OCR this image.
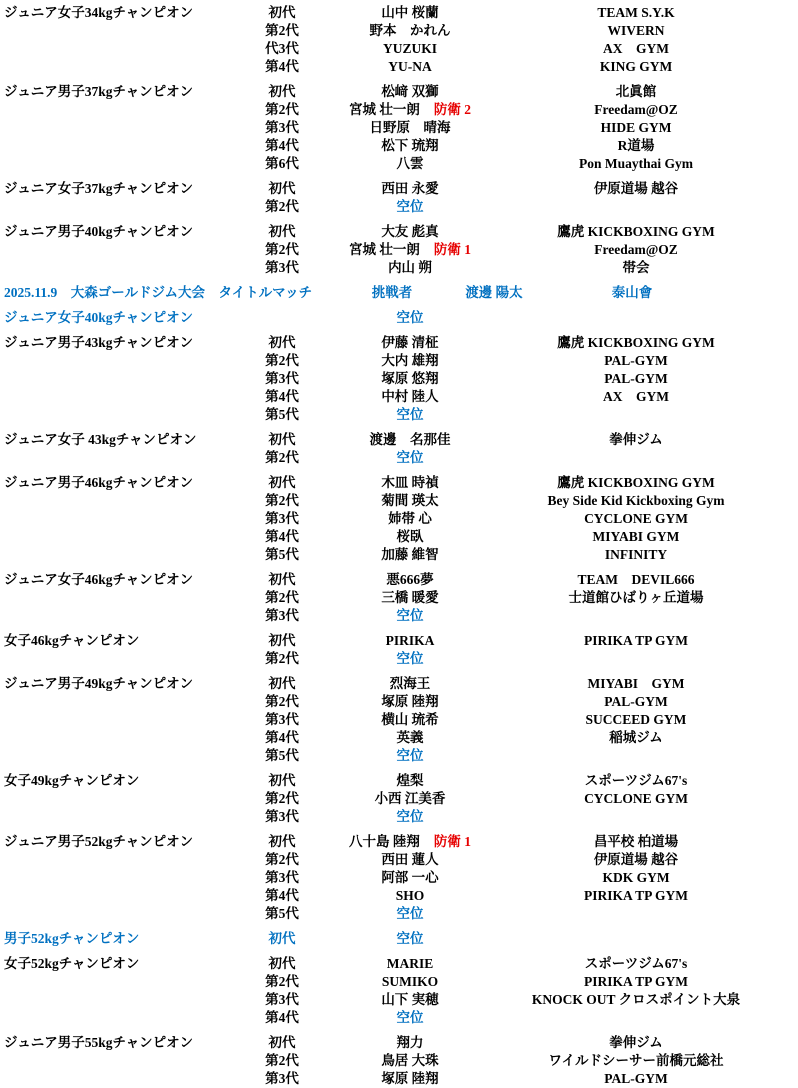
ジュニア女子34kgチャンピオン	初代	山中 桜蘭	TEAM S.Y.K
第2代	野本　かれん	WIVERN
代3代	YUZUKI	AX　GYM
第4代	YU-NA	KING GYM
ジュニア男子37kgチャンピオン	初代	松﨑 双獅	北眞館
第2代	宮城 壮一朗 防衛 2	Freedam@OZ
第3代	日野原　晴海	HIDE GYM
第4代	松下 琉翔	R道場
第6代	八雲	Pon Muaythai Gym
ジュニア女子37kgチャンピオン	初代	西田 永愛	伊原道場 越谷
第2代	空位
ジュニア男子40kgチャンピオン	初代	大友 彪真	鷹虎 KICKBOXING GYM
第2代	宮城 壮一朗 防衛 1	Freedam@OZ
第3代	内山 朔	帯会
2025.11.9　大森ゴールドジム大会　タイトルマッチ	挑戦者	渡邊 陽太	泰山會
ジュニア女子40kgチャンピオン	空位
ジュニア男子43kgチャンピオン	初代	伊藤 清柾	鷹虎 KICKBOXING GYM
第2代	大内 雄翔	PAL-GYM
第3代	塚原 悠翔	PAL-GYM
第4代	中村 陸人	AX　GYM
第5代	空位
ジュニア女子 43kgチャンピオン	初代	渡邊　名那佳	拳伸ジム
第2代	空位
ジュニア男子46kgチャンピオン	初代	木皿 時禎	鷹虎 KICKBOXING GYM
第2代	菊間 瑛太	Bey Side Kid Kickboxing Gym
第3代	姉帯 心	CYCLONE GYM
第4代	桜臥	MIYABI GYM
第5代	加藤 維智	INFINITY
ジュニア女子46kgチャンピオン	初代	悪666夢	TEAM　DEVIL666
第2代	三橋 暖愛	士道館ひばりヶ丘道場
第3代	空位
女子46kgチャンピオン	初代	PIRIKA	PIRIKA TP GYM
第2代	空位
ジュニア男子49kgチャンピオン	初代	烈海王	MIYABI　GYM
第2代	塚原 陸翔	PAL-GYM
第3代	横山 琉希	SUCCEED GYM
第4代	英義	稲城ジム
第5代	空位
女子49kgチャンピオン	初代	煌梨	スポーツジム67's
第2代	小西 江美香	CYCLONE GYM
第3代	空位
ジュニア男子52kgチャンピオン	初代	八十島 陸翔 防衛 1	昌平校 柏道場
第2代	西田 蓮人	伊原道場 越谷
第3代	阿部 一心	KDK GYM
第4代	SHO	PIRIKA TP GYM
第5代	空位
男子52kgチャンピオン	初代	空位
女子52kgチャンピオン	初代	MARIE	スポーツジム67's
第2代	SUMIKO	PIRIKA TP GYM
第3代	山下 実穂	KNOCK OUT クロスポイント大泉
第4代	空位
ジュニア男子55kgチャンピオン	初代	翔力	拳伸ジム
第2代	鳥居 大珠	ワイルドシーサー前橋元総社
第3代	塚原 陸翔	PAL-GYM
